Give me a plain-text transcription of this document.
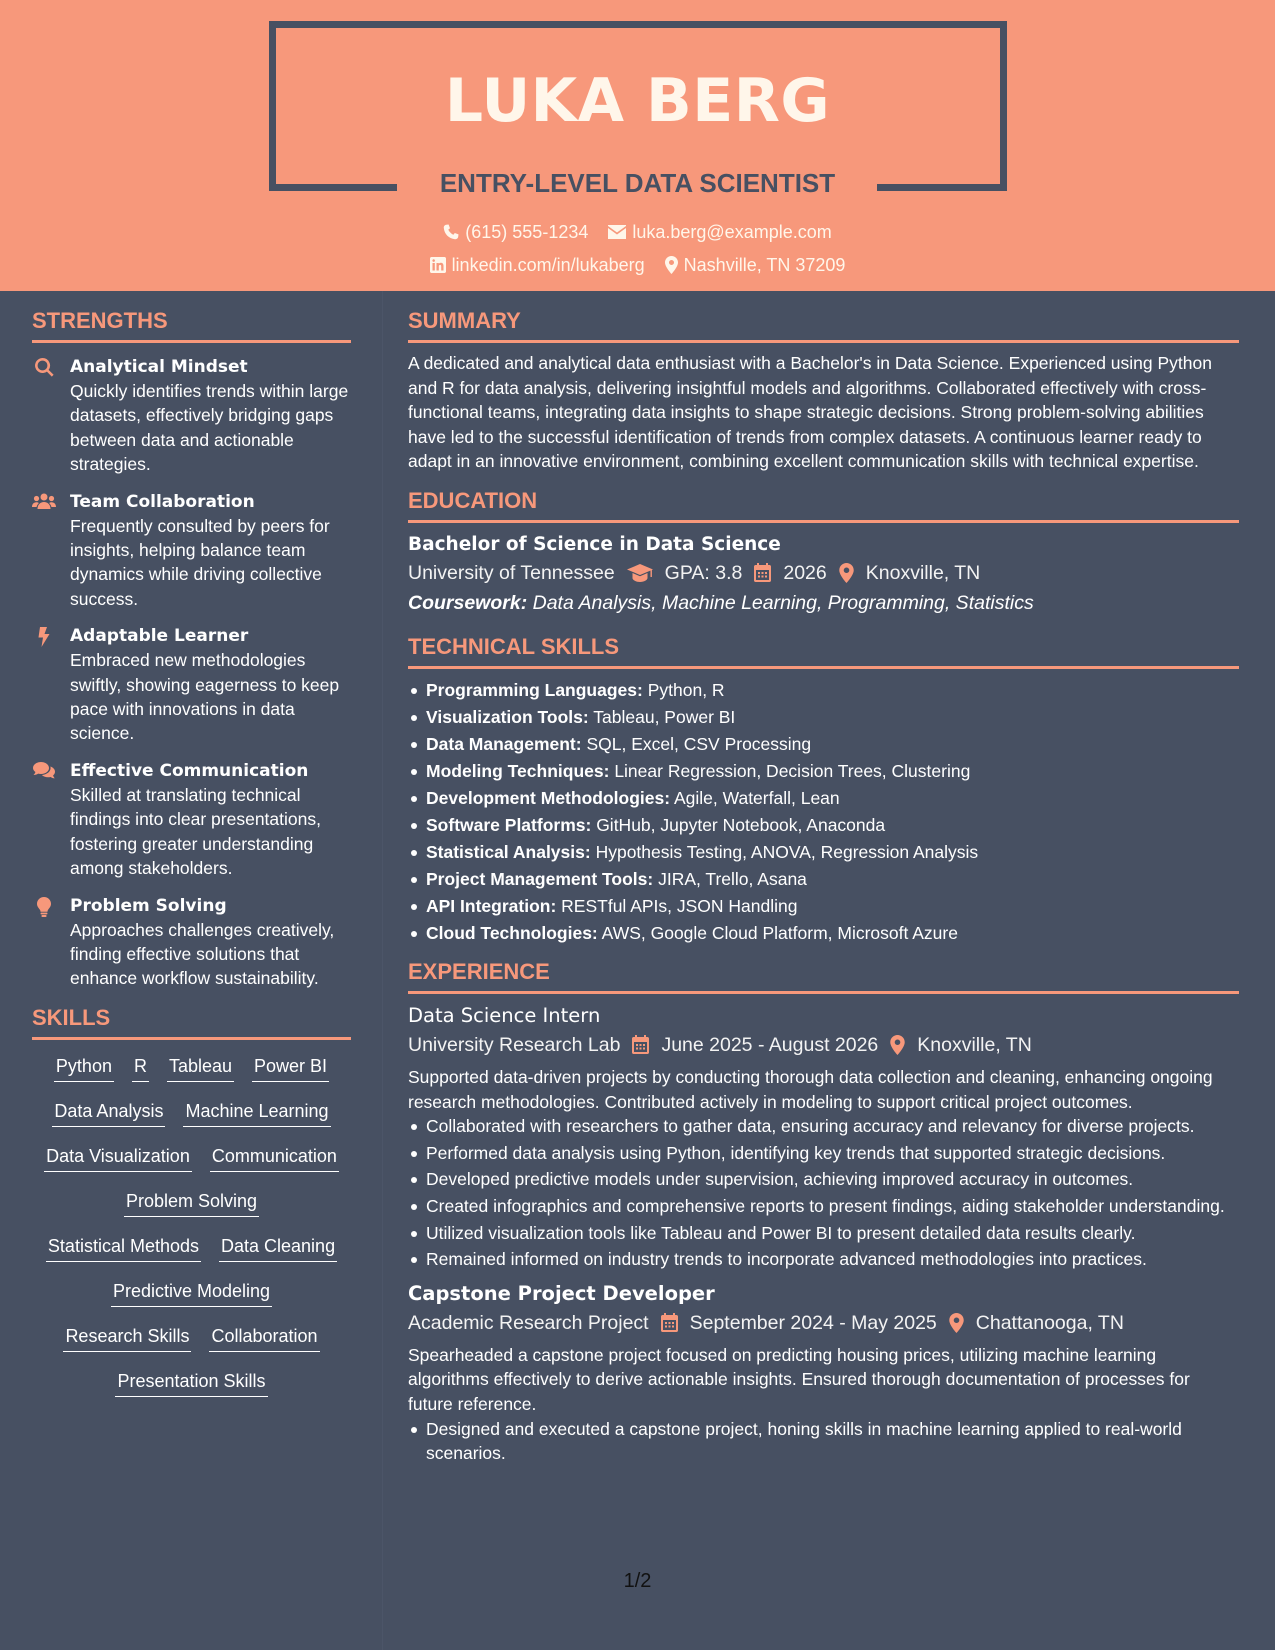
LUKA BERG
ENTRY-LEVEL DATA SCIENTIST
(615) 555-1234 luka.berg@example.com
linkedin.com/in/lukaberg Nashville, TN 37209
STRENGTHS
Analytical Mindset
Quickly identifies trends within large datasets, effectively bridging gaps between data and actionable strategies.
Team Collaboration
Frequently consulted by peers for insights, helping balance team dynamics while driving collective success.
Adaptable Learner
Embraced new methodologies swiftly, showing eagerness to keep pace with innovations in data science.
Effective Communication
Skilled at translating technical findings into clear presentations, fostering greater understanding among stakeholders.
Problem Solving
Approaches challenges creatively, finding effective solutions that enhance workflow sustainability.
SKILLS
Python R Tableau Power BI
Data Analysis Machine Learning
Data Visualization Communication
Problem Solving
Statistical Methods Data Cleaning
Predictive Modeling
Research Skills Collaboration
Presentation Skills
SUMMARY
A dedicated and analytical data enthusiast with a Bachelor's in Data Science. Experienced using Python and R for data analysis, delivering insightful models and algorithms. Collaborated effectively with cross-functional teams, integrating data insights to shape strategic decisions. Strong problem-solving abilities have led to the successful identification of trends from complex datasets. A continuous learner ready to adapt in an innovative environment, combining excellent communication skills with technical expertise.
EDUCATION
Bachelor of Science in Data Science
University of Tennessee	GPA: 3.8 2026 Knoxville, TN
Coursework: Data Analysis, Machine Learning, Programming, Statistics
TECHNICAL SKILLS
Programming Languages: Python, R
Visualization Tools: Tableau, Power BI
Data Management: SQL, Excel, CSV Processing
Modeling Techniques: Linear Regression, Decision Trees, Clustering
Development Methodologies: Agile, Waterfall, Lean
Software Platforms: GitHub, Jupyter Notebook, Anaconda
Statistical Analysis: Hypothesis Testing, ANOVA, Regression Analysis
Project Management Tools: JIRA, Trello, Asana
API Integration: RESTful APIs, JSON Handling
Cloud Technologies: AWS, Google Cloud Platform, Microsoft Azure
EXPERIENCE
Data Science Intern
University Research Lab June 2025 - August 2026 Knoxville, TN
Supported data-driven projects by conducting thorough data collection and cleaning, enhancing ongoing research methodologies. Contributed actively in modeling to support critical project outcomes.
Collaborated with researchers to gather data, ensuring accuracy and relevancy for diverse projects.
Performed data analysis using Python, identifying key trends that supported strategic decisions.
Developed predictive models under supervision, achieving improved accuracy in outcomes.
Created infographics and comprehensive reports to present findings, aiding stakeholder understanding.
Utilized visualization tools like Tableau and Power BI to present detailed data results clearly.
Remained informed on industry trends to incorporate advanced methodologies into practices.
Capstone Project Developer
Academic Research Project September 2024 - May 2025 Chattanooga, TN
Spearheaded a capstone project focused on predicting housing prices, utilizing machine learning algorithms effectively to derive actionable insights. Ensured thorough documentation of processes for future reference.
Designed and executed a capstone project, honing skills in machine learning applied to real-world scenarios.
1/2
